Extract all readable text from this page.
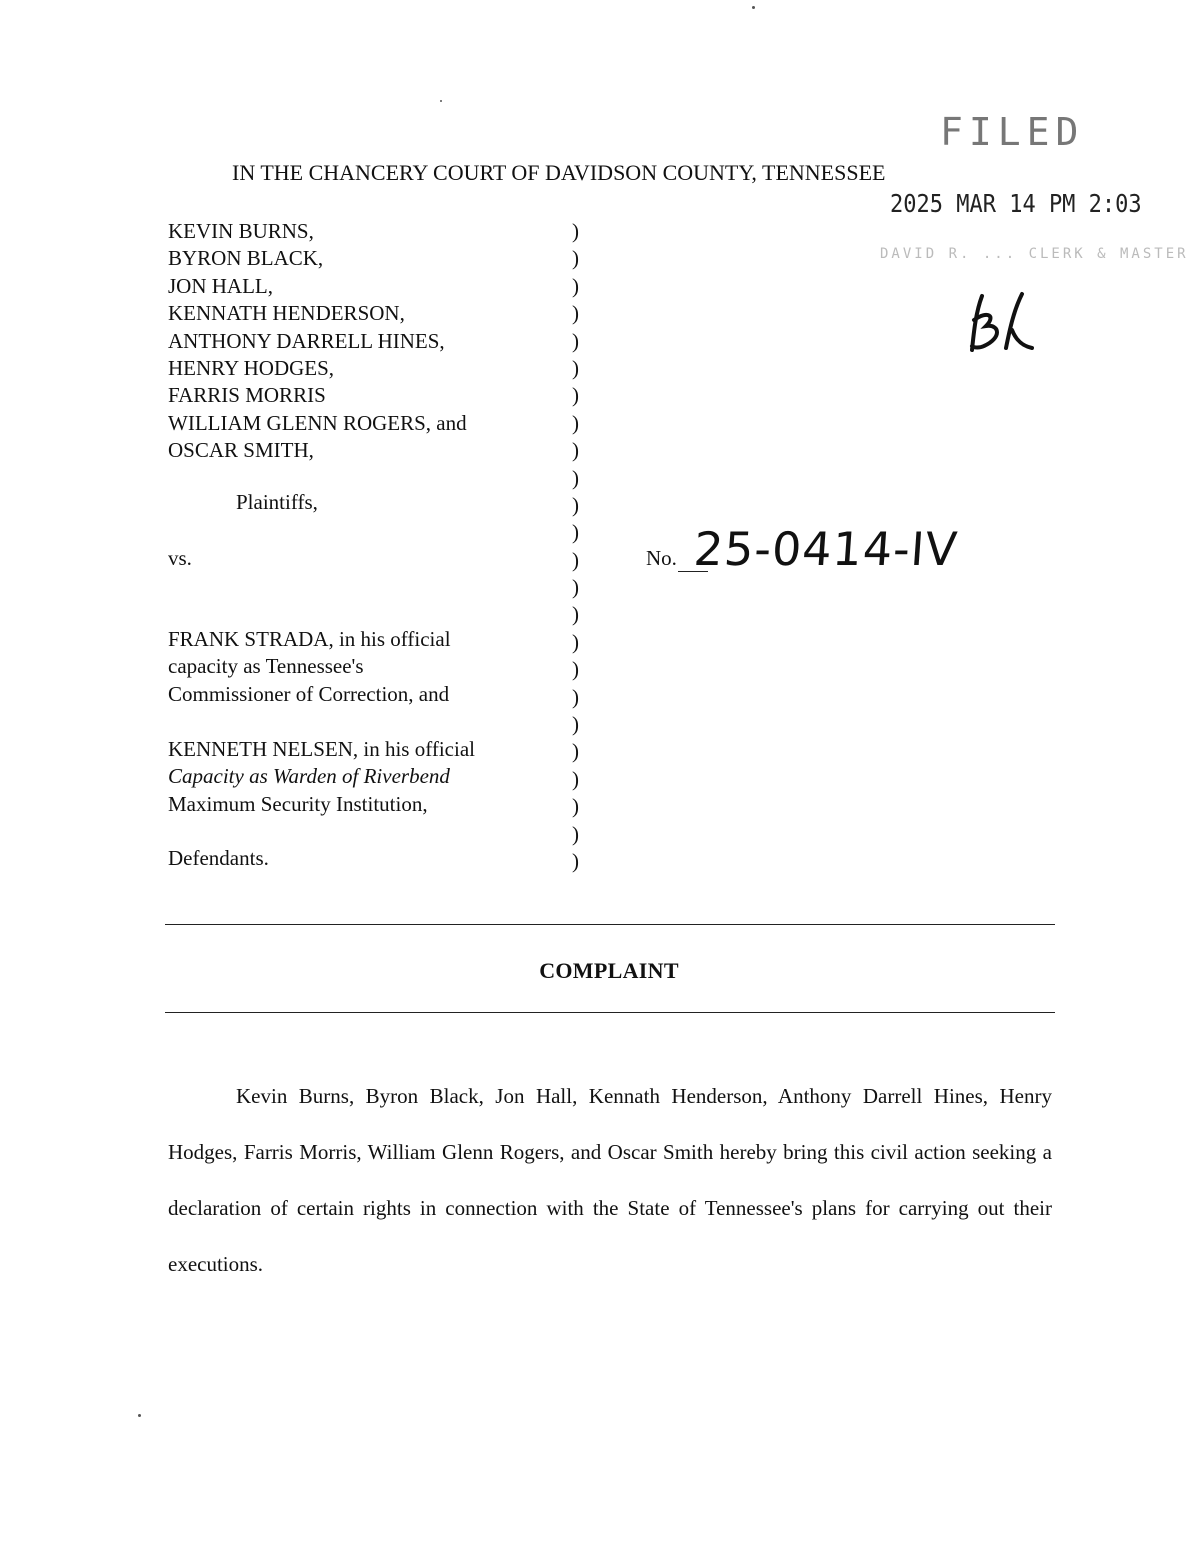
FILED
2025 MAR 14 PM 2:03
DAVID R. ... CLERK & MASTER
IN THE CHANCERY COURT OF DAVIDSON COUNTY, TENNESSEE
KEVIN BURNS,
BYRON BLACK,
JON HALL,
KENNATH HENDERSON,
ANTHONY DARRELL HINES,
HENRY HODGES,
FARRIS MORRIS
WILLIAM GLENN ROGERS, and
OSCAR SMITH,
Plaintiffs,
vs.
FRANK STRADA, in his official
capacity as Tennessee's
Commissioner of Correction, and
KENNETH NELSEN, in his official
Capacity as Warden of Riverbend
Maximum Security Institution,
Defendants.
)
)
)
)
)
)
)
)
)
)
)
)
)
)
)
)
)
)
)
)
)
)
)
)
No. 25-0414-IV
COMPLAINT
Kevin Burns, Byron Black, Jon Hall, Kennath Henderson, Anthony Darrell Hines, Henry Hodges, Farris Morris, William Glenn Rogers, and Oscar Smith hereby bring this civil action seeking a declaration of certain rights in connection with the State of Tennessee's plans for carrying out their executions.
